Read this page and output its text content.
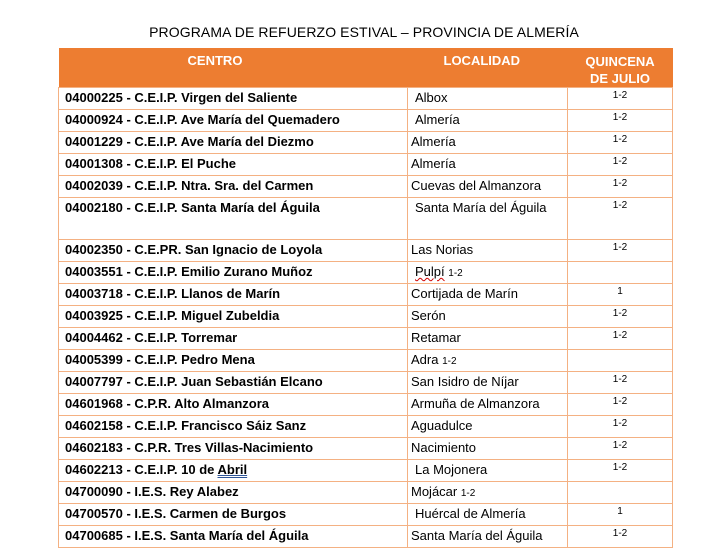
PROGRAMA DE REFUERZO ESTIVAL – PROVINCIA DE ALMERÍA
CENTRO	LOCALIDAD	QUINCENA
DE JULIO
04000225 - C.E.I.P. Virgen del Saliente	Albox	1-2
04000924 - C.E.I.P. Ave María del Quemadero	Almería	1-2
04001229 - C.E.I.P. Ave María del Diezmo	Almería	1-2
04001308 - C.E.I.P. El Puche	Almería	1-2
04002039 - C.E.I.P. Ntra. Sra. del Carmen	Cuevas del Almanzora	1-2
04002180 - C.E.I.P. Santa María del Águila	Santa María del Águila	1-2
04002350 - C.E.PR. San Ignacio de Loyola	Las Norias	1-2
04003551 - C.E.I.P. Emilio Zurano Muñoz	Pulpí 1-2	
04003718 - C.E.I.P. Llanos de Marín	Cortijada de Marín	1
04003925 - C.E.I.P. Miguel Zubeldia	Serón	1-2
04004462 - C.E.I.P. Torremar	Retamar	1-2
04005399 - C.E.I.P. Pedro Mena	Adra 1-2	
04007797 - C.E.I.P. Juan Sebastián Elcano	San Isidro de Níjar	1-2
04601968 - C.P.R. Alto Almanzora	Armuña de Almanzora	1-2
04602158 - C.E.I.P. Francisco Sáiz Sanz	Aguadulce	1-2
04602183 - C.P.R. Tres Villas-Nacimiento	Nacimiento	1-2
04602213 - C.E.I.P. 10 de Abril	La Mojonera	1-2
04700090 - I.E.S. Rey Alabez	Mojácar 1-2	
04700570 - I.E.S. Carmen de Burgos	Huércal de Almería	1
04700685 - I.E.S. Santa María del Águila	Santa María del Águila	1-2
